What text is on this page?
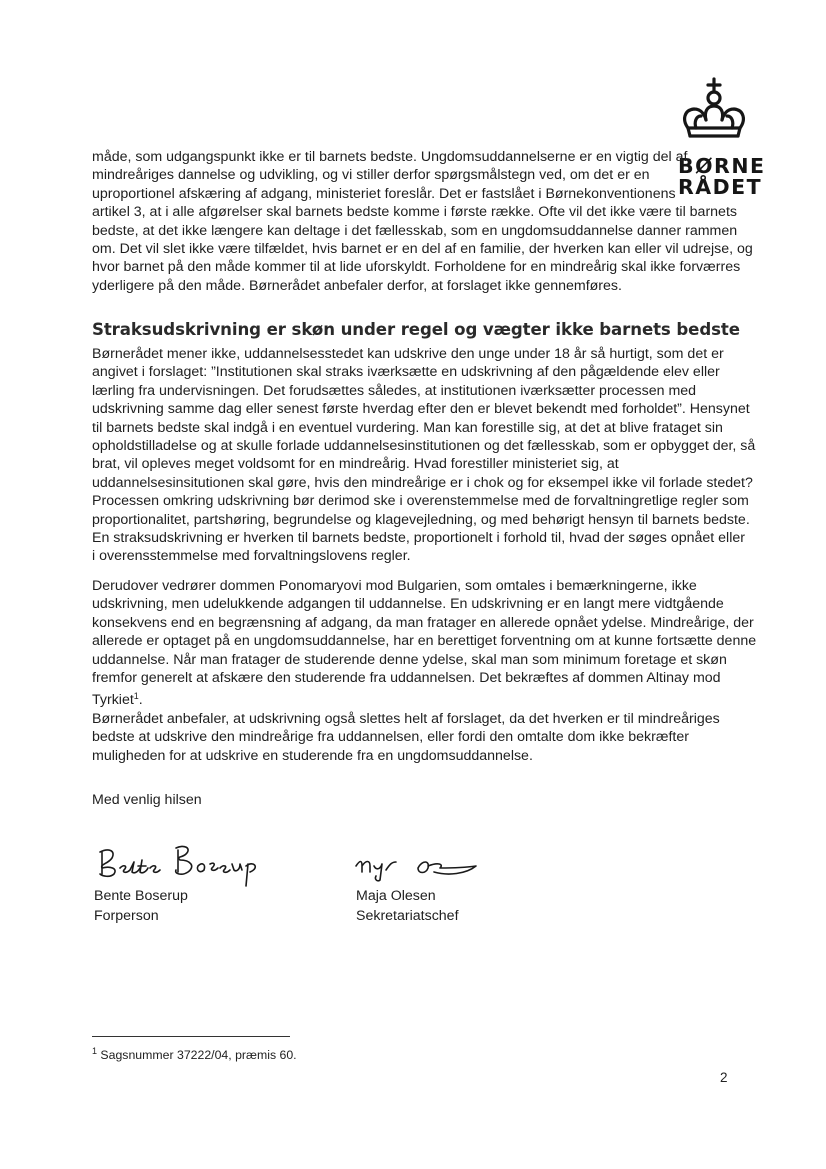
BØRNE
RÅDET

måde, som udgangspunkt ikke er til barnets bedste. Ungdomsuddannelserne er en vigtig del af
mindreåriges dannelse og udvikling, og vi stiller derfor spørgsmålstegn ved, om det er en
uproportionel afskæring af adgang, ministeriet foreslår. Det er fastslået i Børnekonventionens
artikel 3, at i alle afgørelser skal barnets bedste komme i første række. Ofte vil det ikke være til barnets
bedste, at det ikke længere kan deltage i det fællesskab, som en ungdomsuddannelse danner rammen
om. Det vil slet ikke være tilfældet, hvis barnet er en del af en familie, der hverken kan eller vil udrejse, og
hvor barnet på den måde kommer til at lide uforskyldt. Forholdene for en mindreårig skal ikke forværres
yderligere på den måde. Børnerådet anbefaler derfor, at forslaget ikke gennemføres.

Straksudskrivning er skøn under regel og vægter ikke barnets bedste

Børnerådet mener ikke, uddannelsesstedet kan udskrive den unge under 18 år så hurtigt, som det er
angivet i forslaget: ”Institutionen skal straks iværksætte en udskrivning af den pågældende elev eller
lærling fra undervisningen. Det forudsættes således, at institutionen iværksætter processen med
udskrivning samme dag eller senest første hverdag efter den er blevet bekendt med forholdet”. Hensynet
til barnets bedste skal indgå i en eventuel vurdering. Man kan forestille sig, at det at blive frataget sin
opholdstilladelse og at skulle forlade uddannelsesinstitutionen og det fællesskab, som er opbygget der, så
brat, vil opleves meget voldsomt for en mindreårig. Hvad forestiller ministeriet sig, at
uddannelsesinsitutionen skal gøre, hvis den mindreårige er i chok og for eksempel ikke vil forlade stedet?
Processen omkring udskrivning bør derimod ske i overenstemmelse med de forvaltningretlige regler som
proportionalitet, partshøring, begrundelse og klagevejledning, og med behørigt hensyn til barnets bedste.
En straksudskrivning er hverken til barnets bedste, proportionelt i forhold til, hvad der søges opnået eller
i overensstemmelse med forvaltningslovens regler.

Derudover vedrører dommen Ponomaryovi mod Bulgarien, som omtales i bemærkningerne, ikke
udskrivning, men udelukkende adgangen til uddannelse. En udskrivning er en langt mere vidtgående
konsekvens end en begrænsning af adgang, da man fratager en allerede opnået ydelse. Mindreårige, der
allerede er optaget på en ungdomsuddannelse, har en berettiget forventning om at kunne fortsætte denne
uddannelse. Når man fratager de studerende denne ydelse, skal man som minimum foretage et skøn
fremfor generelt at afskære den studerende fra uddannelsen. Det bekræftes af dommen Altinay mod
Tyrkiet$^1$.
Børnerådet anbefaler, at udskrivning også slettes helt af forslaget, da det hverken er til mindreåriges
bedste at udskrive den mindreårige fra uddannelsen, eller fordi den omtalte dom ikke bekræfter
muligheden for at udskrive en studerende fra en ungdomsuddannelse.

Med venlig hilsen
Bente Boserup
Forperson
Maja Olesen
Sekretariatschef
$^1$ Sagsnummer 37222/04, præmis 60.
2
